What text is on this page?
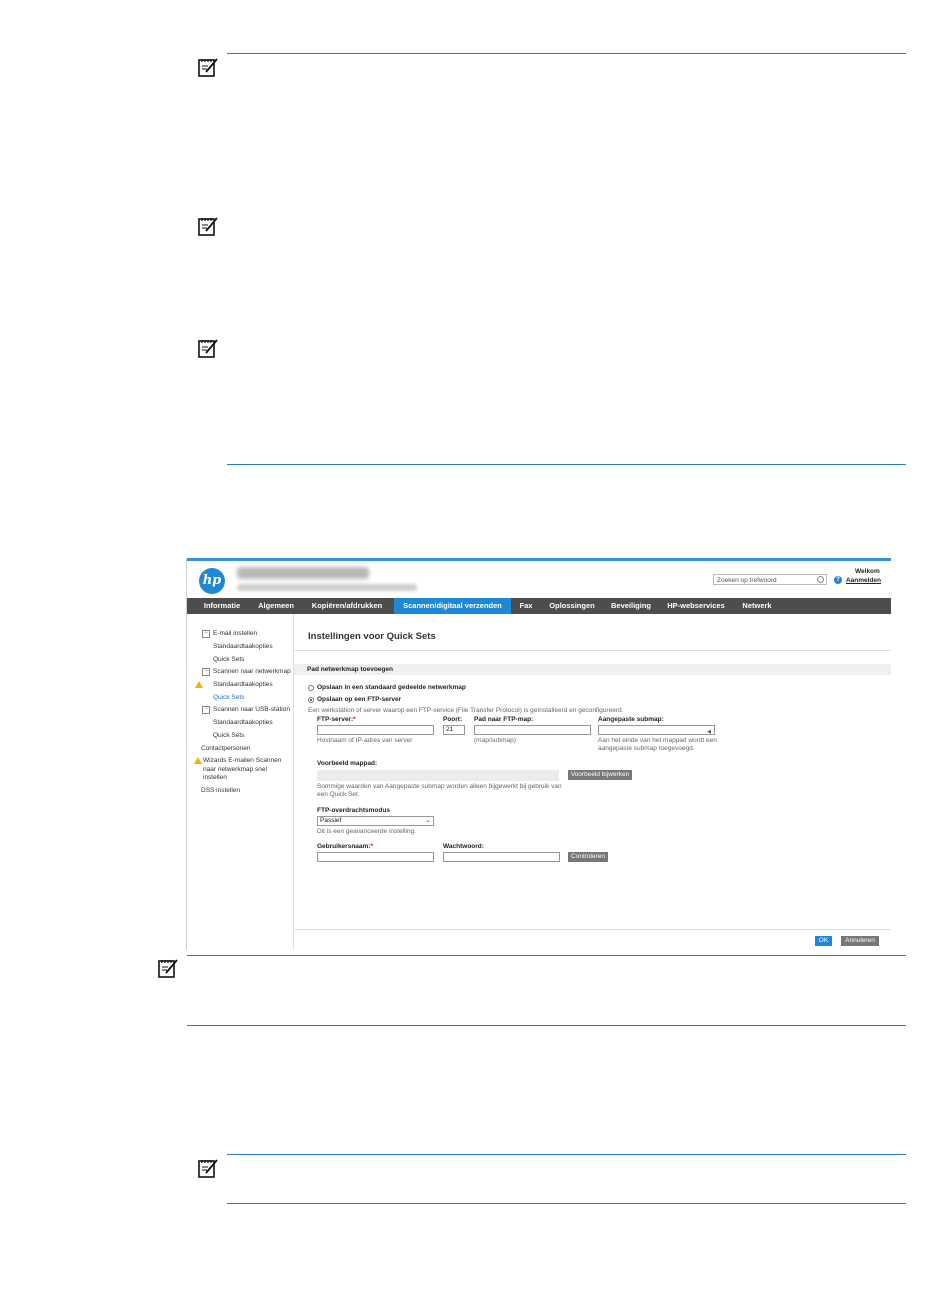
hp	Zoeken op trefwoord	?
Welkom
Aanmelden
Informatie	Algemeen	Kopiëren/afdrukken	Scannen/digitaal verzenden	Fax	Oplossingen	Beveiliging	HP-webservices	Netwerk
− E-mail instellen
Standaardtaakopties
Quick Sets
− Scannen naar netwerkmap
Standaardtaakopties
Quick Sets
− Scannen naar USB-station
Standaardtaakopties
Quick Sets
Contactpersonen
Wizards E-mailen Scannen naar netwerkmap snel instellen
DSS instellen
Instellingen voor Quick Sets
Pad netwerkmap toevoegen
Opslaan in een standaard gedeelde netwerkmap
Opslaan op een FTP-server
Een werkstation of server waarop een FTP-service (File Transfer Protocol) is geïnstalleerd en geconfigureerd.
FTP-server:*
Hostnaam of IP-adres van server
Poort:
21
Pad naar FTP-map:
(map/submap)
Aangepaste submap:
◀
Aan het einde van het mappad wordt een aangepaste submap toegevoegd.
Voorbeeld mappad:
Voorbeeld bijwerken
Sommige waarden van Aangepaste submap worden alleen bijgewerkt bij gebruik van een Quick Set.
FTP-overdrachtsmodus
Passief	⌄
Dit is een geavanceerde instelling.
Gebruikersnaam:*	Wachtwoord:
Controleren
OK	Annuleren
